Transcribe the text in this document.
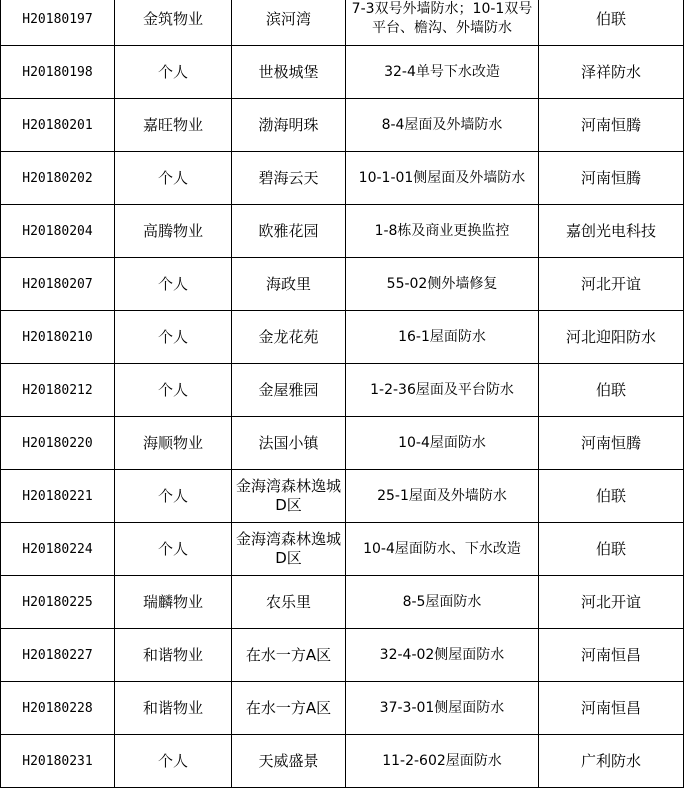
H20180197	金筑物业	滨河湾	7-3双号外墙防水；10-1双号平台、檐沟、外墙防水	伯联
H20180198	个人	世极城堡	32-4单号下水改造	泽祥防水
H20180201	嘉旺物业	渤海明珠	8-4屋面及外墙防水	河南恒腾
H20180202	个人	碧海云天	10-1-01侧屋面及外墙防水	河南恒腾
H20180204	高腾物业	欧雅花园	1-8栋及商业更换监控	嘉创光电科技
H20180207	个人	海政里	55-02侧外墙修复	河北开谊
H20180210	个人	金龙花苑	16-1屋面防水	河北迎阳防水
H20180212	个人	金屋雅园	1-2-36屋面及平台防水	伯联
H20180220	海顺物业	法国小镇	10-4屋面防水	河南恒腾
H20180221	个人	金海湾森林逸城D区	25-1屋面及外墙防水	伯联
H20180224	个人	金海湾森林逸城D区	10-4屋面防水、下水改造	伯联
H20180225	瑞麟物业	农乐里	8-5屋面防水	河北开谊
H20180227	和谐物业	在水一方A区	32-4-02侧屋面防水	河南恒昌
H20180228	和谐物业	在水一方A区	37-3-01侧屋面防水	河南恒昌
H20180231	个人	天威盛景	11-2-602屋面防水	广利防水
